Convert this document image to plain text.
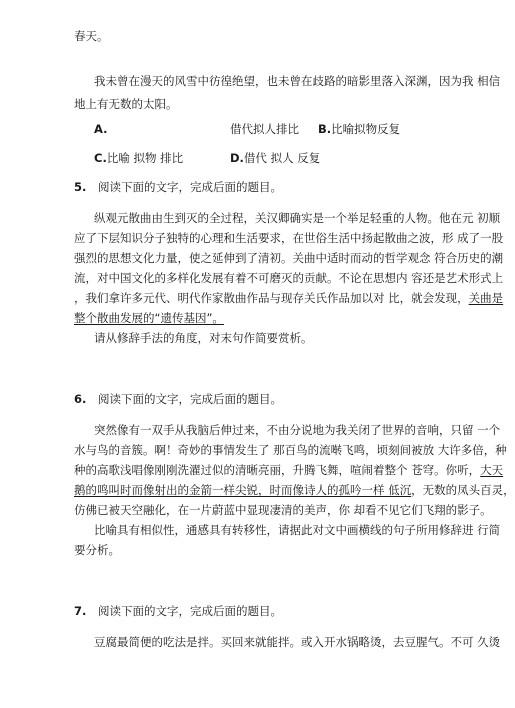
春天。
我未曾在漫天的风雪中彷徨绝望，也未曾在歧路的暗影里落入深渊，因为我 相信
地上有无数的太阳。
A.	借代拟人排比 B.比喻拟物反复
C.比喻 拟物 排比	D.借代 拟人 反复
5. 阅读下面的文字，完成后面的题目。
纵观元散曲由生到灭的全过程，关汉卿确实是一个举足轻重的人物。他在元 初顺
应了下层知识分子独特的心理和生活要求，在世俗生活中扬起散曲之波，形 成了一股
强烈的思想文化力量，使之延伸到了清初。关曲中适时而动的哲学观念 符合历史的潮
流，对中国文化的多样化发展有着不可磨灭的贡献。不论在思想内 容还是艺术形式上
，我们拿许多元代、明代作家散曲作品与现存关氏作品加以对 比，就会发现，关曲是
整个散曲发展的“遗传基因”。
请从修辞手法的角度，对末句作简要赏析。
6. 阅读下面的文字，完成后面的题目。
突然像有一双手从我脑后伸过来，不由分说地为我关闭了世界的音响，只留 一个
水与鸟的音簇。啊！奇妙的事情发生了 那百鸟的流啭飞鸣，顷刻间被放 大许多倍，种
种的高歌浅唱像刚刚洗濯过似的清晰亮丽，升腾飞舞，喧闹着整个 苍穹。你听，大天
鹅的鸣叫时而像射出的金箭一样尖锐，时而像诗人的孤吟一样 低沉，无数的凤头百灵，
仿佛已被天空融化，在一片蔚蓝中显现凄清的美声，你 却看不见它们飞翔的影子。
比喻具有相似性，通感具有转移性，请据此对文中画横线的句子所用修辞进 行简
要分析。
7. 阅读下面的文字，完成后面的题目。
豆腐最简便的吃法是拌。买回来就能拌。或入开水锅略烫，去豆腥气。不可 久烫
